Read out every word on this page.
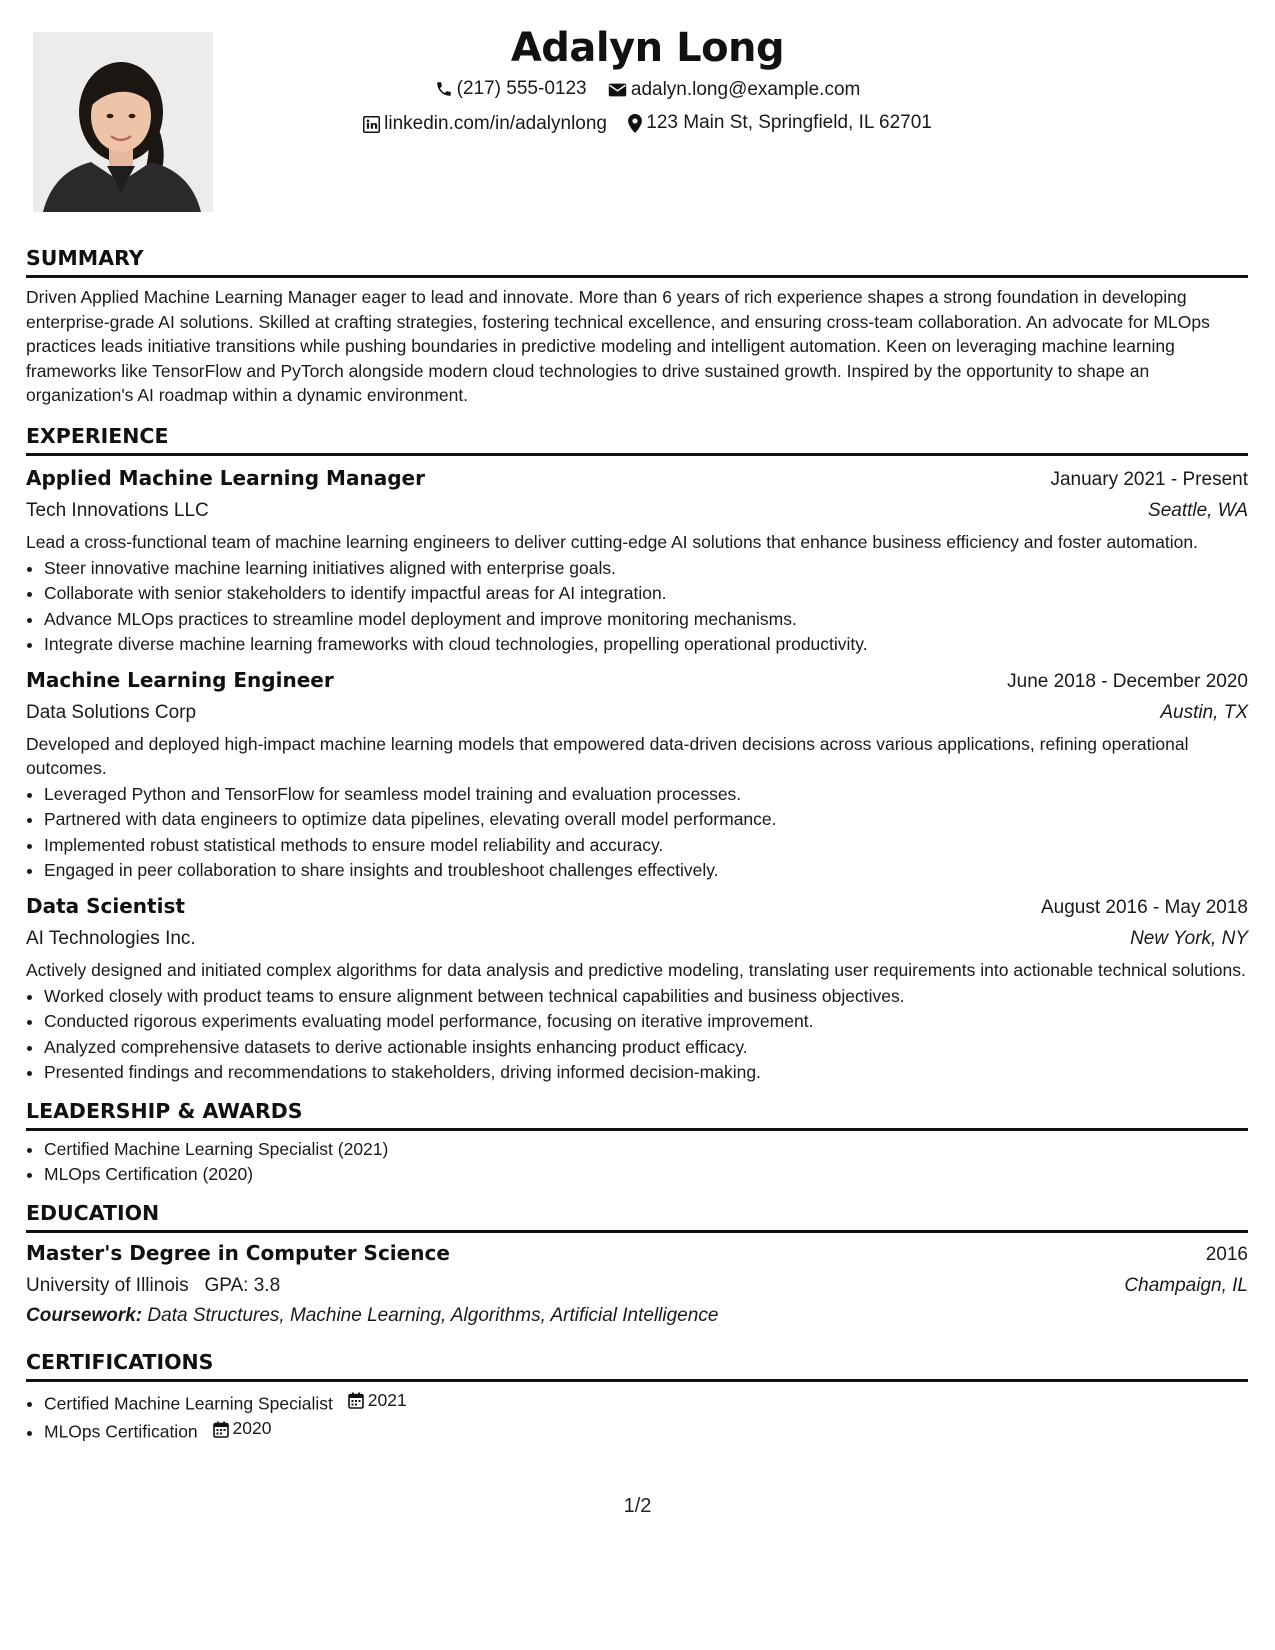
Adalyn Long
(217) 555-0123
adalyn.long@example.com
linkedin.com/in/adalynlong
123 Main St, Springfield, IL 62701
SUMMARY

Driven Applied Machine Learning Manager eager to lead and innovate. More than 6 years of rich experience shapes a strong foundation in developing enterprise-grade AI solutions. Skilled at crafting strategies, fostering technical excellence, and ensuring cross-team collaboration. An advocate for MLOps practices leads initiative transitions while pushing boundaries in predictive modeling and intelligent automation. Keen on leveraging machine learning frameworks like TensorFlow and PyTorch alongside modern cloud technologies to drive sustained growth. Inspired by the opportunity to shape an organization's AI roadmap within a dynamic environment.

EXPERIENCE
Applied Machine Learning Manager	January 2021 - Present
Tech Innovations LLC	Seattle, WA
Lead a cross-functional team of machine learning engineers to deliver cutting-edge AI solutions that enhance business efficiency and foster automation.
• Steer innovative machine learning initiatives aligned with enterprise goals.
• Collaborate with senior stakeholders to identify impactful areas for AI integration.
• Advance MLOps practices to streamline model deployment and improve monitoring mechanisms.
• Integrate diverse machine learning frameworks with cloud technologies, propelling operational productivity.
Machine Learning Engineer	June 2018 - December 2020
Data Solutions Corp	Austin, TX
Developed and deployed high-impact machine learning models that empowered data-driven decisions across various applications, refining operational outcomes.
• Leveraged Python and TensorFlow for seamless model training and evaluation processes.
• Partnered with data engineers to optimize data pipelines, elevating overall model performance.
• Implemented robust statistical methods to ensure model reliability and accuracy.
• Engaged in peer collaboration to share insights and troubleshoot challenges effectively.
Data Scientist	August 2016 - May 2018
AI Technologies Inc.	New York, NY
Actively designed and initiated complex algorithms for data analysis and predictive modeling, translating user requirements into actionable technical solutions.
• Worked closely with product teams to ensure alignment between technical capabilities and business objectives.
• Conducted rigorous experiments evaluating model performance, focusing on iterative improvement.
• Analyzed comprehensive datasets to derive actionable insights enhancing product efficacy.
• Presented findings and recommendations to stakeholders, driving informed decision-making.
LEADERSHIP & AWARDS
• Certified Machine Learning Specialist (2021)
• MLOps Certification (2020)
EDUCATION
Master's Degree in Computer Science	2016
University of Illinois GPA: 3.8	Champaign, IL
Coursework: Data Structures, Machine Learning, Algorithms, Artificial Intelligence
CERTIFICATIONS
• Certified Machine Learning Specialist 2021
• MLOps Certification 2020
1/2
